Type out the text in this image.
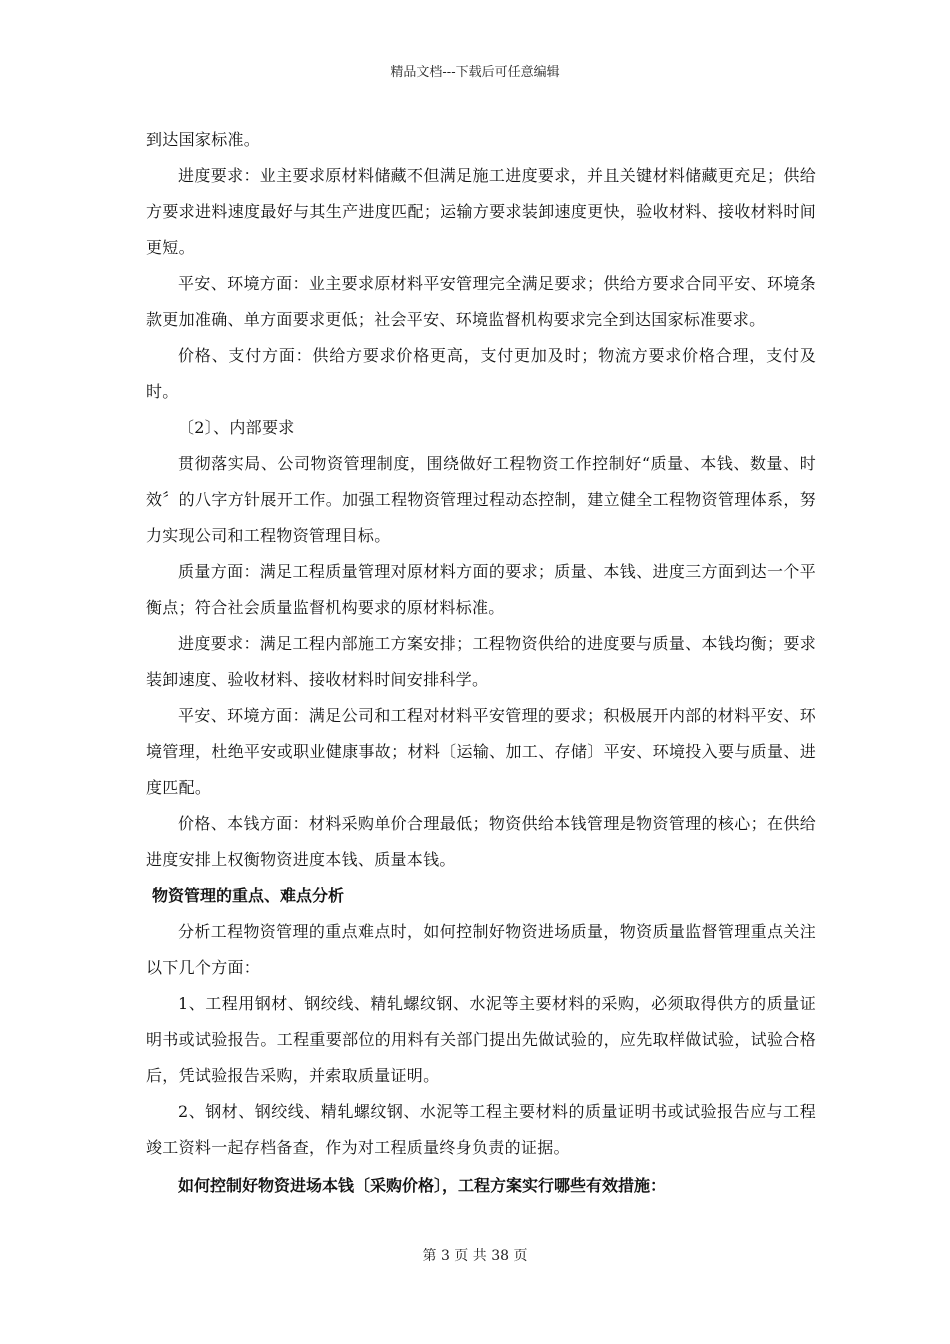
精品文档---下载后可任意编辑

到达国家标准。

进度要求：业主要求原材料储藏不但满足施工进度要求，并且关键材料储藏更充足；供给方要求进料速度最好与其生产进度匹配；运输方要求装卸速度更快，验收材料、接收材料时间更短。

平安、环境方面：业主要求原材料平安管理完全满足要求；供给方要求合同平安、环境条款更加准确、单方面要求更低；社会平安、环境监督机构要求完全到达国家标准要求。

价格、支付方面：供给方要求价格更高，支付更加及时；物流方要求价格合理，支付及时。

〔2〕、内部要求

贯彻落实局、公司物资管理制度，围绕做好工程物资工作控制好“质量、本钱、数量、时效〞的八字方针展开工作。加强工程物资管理过程动态控制，建立健全工程物资管理体系，努力实现公司和工程物资管理目标。

质量方面：满足工程质量管理对原材料方面的要求；质量、本钱、进度三方面到达一个平衡点；符合社会质量监督机构要求的原材料标准。

进度要求：满足工程内部施工方案安排；工程物资供给的进度要与质量、本钱均衡；要求装卸速度、验收材料、接收材料时间安排科学。

平安、环境方面：满足公司和工程对材料平安管理的要求；积极展开内部的材料平安、环境管理，杜绝平安或职业健康事故；材料〔运输、加工、存储〕平安、环境投入要与质量、进度匹配。

价格、本钱方面：材料采购单价合理最低；物资供给本钱管理是物资管理的核心；在供给进度安排上权衡物资进度本钱、质量本钱。

物资管理的重点、难点分析

分析工程物资管理的重点难点时，如何控制好物资进场质量，物资质量监督管理重点关注以下几个方面：

1、工程用钢材、钢绞线、精轧螺纹钢、水泥等主要材料的采购，必须取得供方的质量证明书或试验报告。工程重要部位的用料有关部门提出先做试验的，应先取样做试验，试验合格后，凭试验报告采购，并索取质量证明。

2、钢材、钢绞线、精轧螺纹钢、水泥等工程主要材料的质量证明书或试验报告应与工程竣工资料一起存档备查，作为对工程质量终身负责的证据。

如何控制好物资进场本钱〔采购价格〕，工程方案实行哪些有效措施：

第 3 页 共 38 页
